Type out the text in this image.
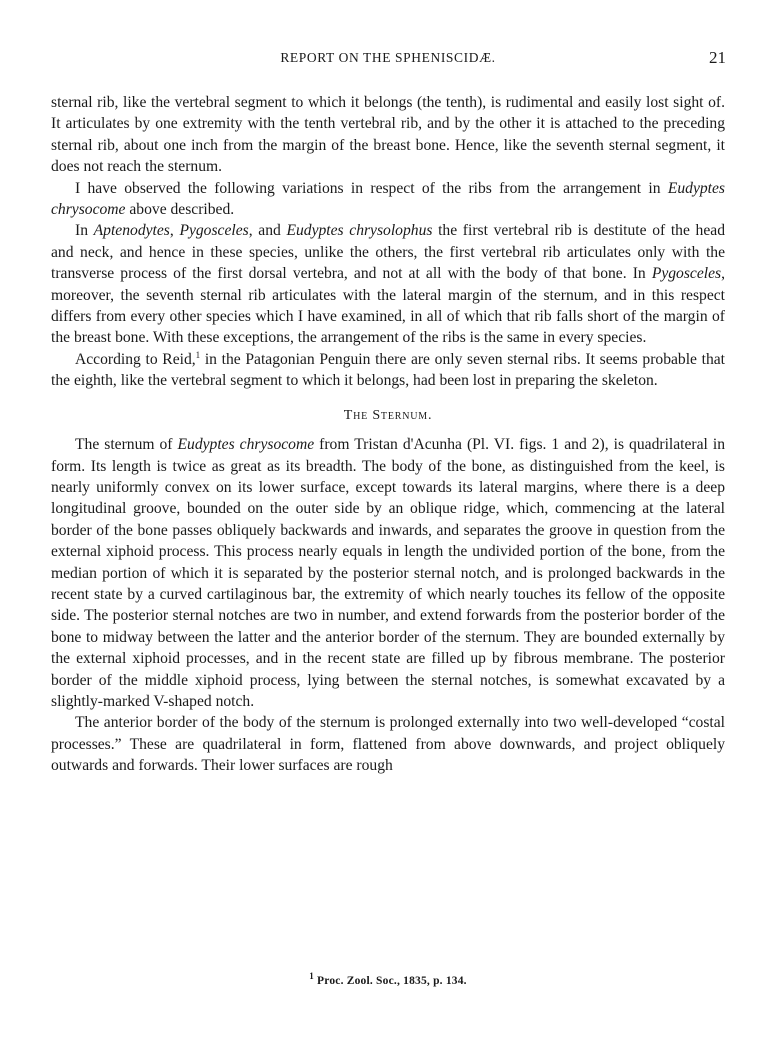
REPORT ON THE SPHENISCIDÆ.	21

sternal rib, like the vertebral segment to which it belongs (the tenth), is rudimental and easily lost sight of. It articulates by one extremity with the tenth vertebral rib, and by the other it is attached to the preceding sternal rib, about one inch from the margin of the breast bone. Hence, like the seventh sternal segment, it does not reach the sternum.

I have observed the following variations in respect of the ribs from the arrangement in Eudyptes chrysocome above described.

In Aptenodytes, Pygosceles, and Eudyptes chrysolophus the first vertebral rib is destitute of the head and neck, and hence in these species, unlike the others, the first vertebral rib articulates only with the transverse process of the first dorsal vertebra, and not at all with the body of that bone. In Pygosceles, moreover, the seventh sternal rib articulates with the lateral margin of the sternum, and in this respect differs from every other species which I have examined, in all of which that rib falls short of the margin of the breast bone. With these exceptions, the arrangement of the ribs is the same in every species.

According to Reid,$^1$ in the Patagonian Penguin there are only seven sternal ribs. It seems probable that the eighth, like the vertebral segment to which it belongs, had been lost in preparing the skeleton.

The Sternum.

The sternum of Eudyptes chrysocome from Tristan d'Acunha (Pl. VI. figs. 1 and 2), is quadrilateral in form. Its length is twice as great as its breadth. The body of the bone, as distinguished from the keel, is nearly uniformly convex on its lower surface, except towards its lateral margins, where there is a deep longitudinal groove, bounded on the outer side by an oblique ridge, which, commencing at the lateral border of the bone passes obliquely backwards and inwards, and separates the groove in question from the external xiphoid process. This process nearly equals in length the undivided portion of the bone, from the median portion of which it is separated by the posterior sternal notch, and is prolonged backwards in the recent state by a curved cartilaginous bar, the extremity of which nearly touches its fellow of the opposite side. The posterior sternal notches are two in number, and extend forwards from the posterior border of the bone to midway between the latter and the anterior border of the sternum. They are bounded externally by the external xiphoid processes, and in the recent state are filled up by fibrous membrane. The posterior border of the middle xiphoid process, lying between the sternal notches, is somewhat excavated by a slightly-marked V-shaped notch.

The anterior border of the body of the sternum is prolonged externally into two well-developed “costal processes.” These are quadrilateral in form, flattened from above downwards, and project obliquely outwards and forwards. Their lower surfaces are rough

$^1$ Proc. Zool. Soc., 1835, p. 134.
